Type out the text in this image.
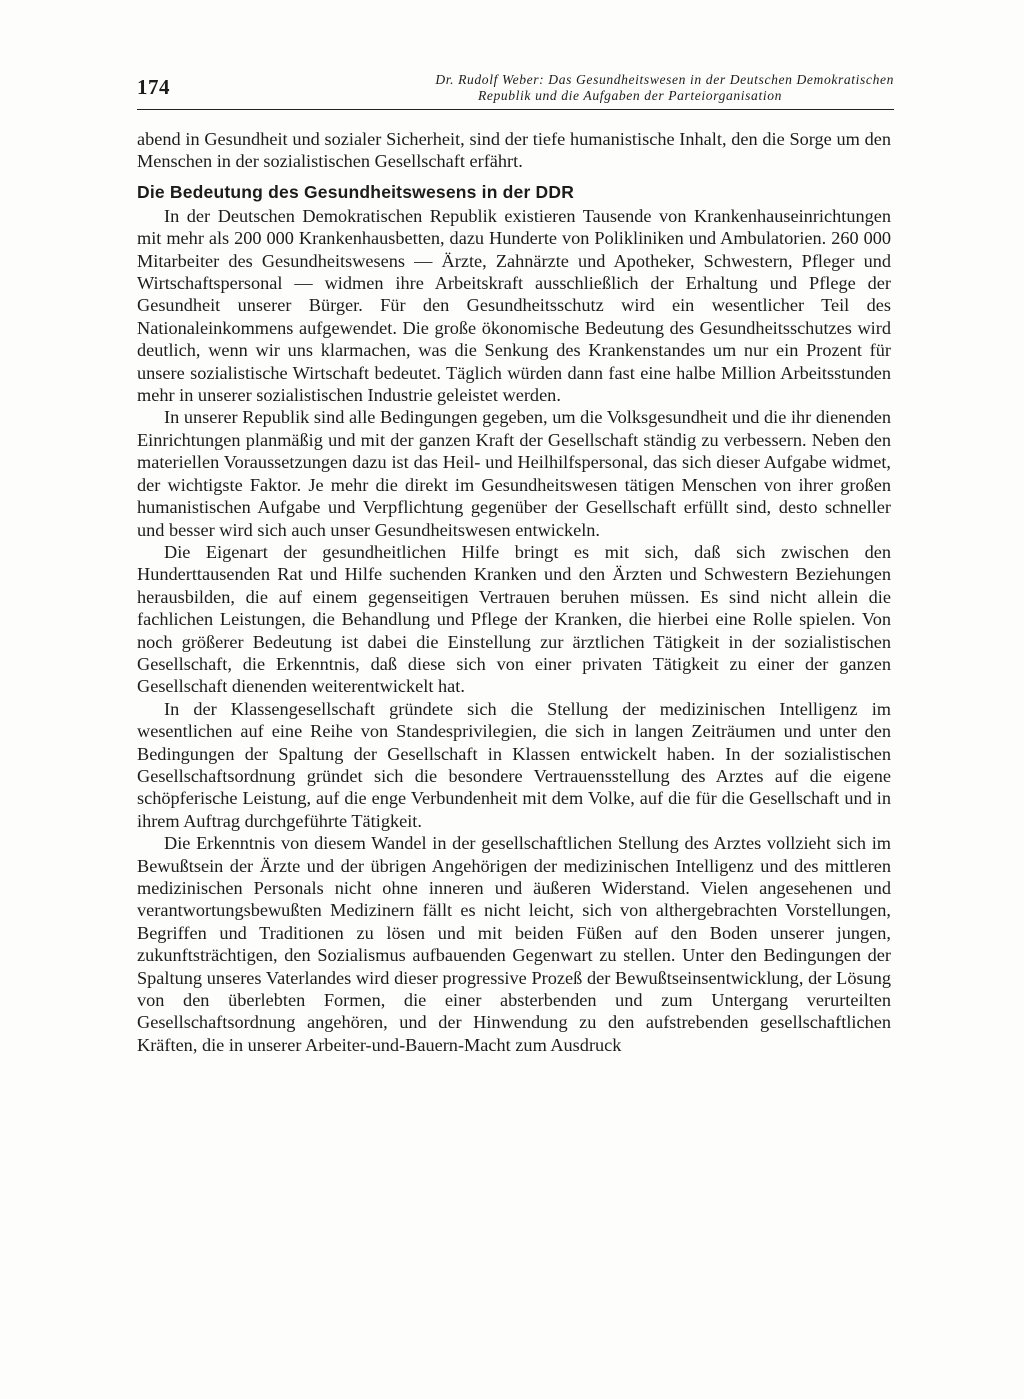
174	Dr. Rudolf Weber: Das Gesundheitswesen in der Deutschen Demokratischen
Republik und die Aufgaben der Parteiorganisation

abend in Gesundheit und sozialer Sicherheit, sind der tiefe humanistische Inhalt, den die Sorge um den Menschen in der sozialistischen Gesellschaft erfährt.

Die Bedeutung des Gesundheitswesens in der DDR

In der Deutschen Demokratischen Republik existieren Tausende von Krankenhauseinrichtungen mit mehr als 200 000 Krankenhausbetten, dazu Hunderte von Polikliniken und Ambulatorien. 260 000 Mitarbeiter des Gesundheitswesens — Ärzte, Zahnärzte und Apotheker, Schwestern, Pfleger und Wirtschaftspersonal — widmen ihre Arbeitskraft ausschließlich der Erhaltung und Pflege der Gesundheit unserer Bürger. Für den Gesundheitsschutz wird ein wesentlicher Teil des Nationaleinkommens aufgewendet. Die große ökonomische Bedeutung des Gesundheitsschutzes wird deutlich, wenn wir uns klarmachen, was die Senkung des Krankenstandes um nur ein Prozent für unsere sozialistische Wirtschaft bedeutet. Täglich würden dann fast eine halbe Million Arbeitsstunden mehr in unserer sozialistischen Industrie geleistet werden.

In unserer Republik sind alle Bedingungen gegeben, um die Volksgesundheit und die ihr dienenden Einrichtungen planmäßig und mit der ganzen Kraft der Gesellschaft ständig zu verbessern. Neben den materiellen Voraussetzungen dazu ist das Heil- und Heilhilfspersonal, das sich dieser Aufgabe widmet, der wichtigste Faktor. Je mehr die direkt im Gesundheitswesen tätigen Menschen von ihrer großen humanistischen Aufgabe und Verpflichtung gegenüber der Gesellschaft erfüllt sind, desto schneller und besser wird sich auch unser Gesundheitswesen entwickeln.

Die Eigenart der gesundheitlichen Hilfe bringt es mit sich, daß sich zwischen den Hunderttausenden Rat und Hilfe suchenden Kranken und den Ärzten und Schwestern Beziehungen herausbilden, die auf einem gegenseitigen Vertrauen beruhen müssen. Es sind nicht allein die fachlichen Leistungen, die Behandlung und Pflege der Kranken, die hierbei eine Rolle spielen. Von noch größerer Bedeutung ist dabei die Einstellung zur ärztlichen Tätigkeit in der sozialistischen Gesellschaft, die Erkenntnis, daß diese sich von einer privaten Tätigkeit zu einer der ganzen Gesellschaft dienenden weiterentwickelt hat.

In der Klassengesellschaft gründete sich die Stellung der medizinischen Intelligenz im wesentlichen auf eine Reihe von Standesprivilegien, die sich in langen Zeiträumen und unter den Bedingungen der Spaltung der Gesellschaft in Klassen entwickelt haben. In der sozialistischen Gesellschaftsordnung gründet sich die besondere Vertrauensstellung des Arztes auf die eigene schöpferische Leistung, auf die enge Verbundenheit mit dem Volke, auf die für die Gesellschaft und in ihrem Auftrag durchgeführte Tätigkeit.

Die Erkenntnis von diesem Wandel in der gesellschaftlichen Stellung des Arztes vollzieht sich im Bewußtsein der Ärzte und der übrigen Angehörigen der medizinischen Intelligenz und des mittleren medizinischen Personals nicht ohne inneren und äußeren Widerstand. Vielen angesehenen und verantwortungsbewußten Medizinern fällt es nicht leicht, sich von althergebrachten Vorstellungen, Begriffen und Traditionen zu lösen und mit beiden Füßen auf den Boden unserer jungen, zukunftsträchtigen, den Sozialismus aufbauenden Gegenwart zu stellen. Unter den Bedingungen der Spaltung unseres Vaterlandes wird dieser progressive Prozeß der Bewußtseinsentwicklung, der Lösung von den überlebten Formen, die einer absterbenden und zum Untergang verurteilten Gesellschaftsordnung angehören, und der Hinwendung zu den aufstrebenden gesellschaftlichen Kräften, die in unserer Arbeiter-und-Bauern-Macht zum Ausdruck
